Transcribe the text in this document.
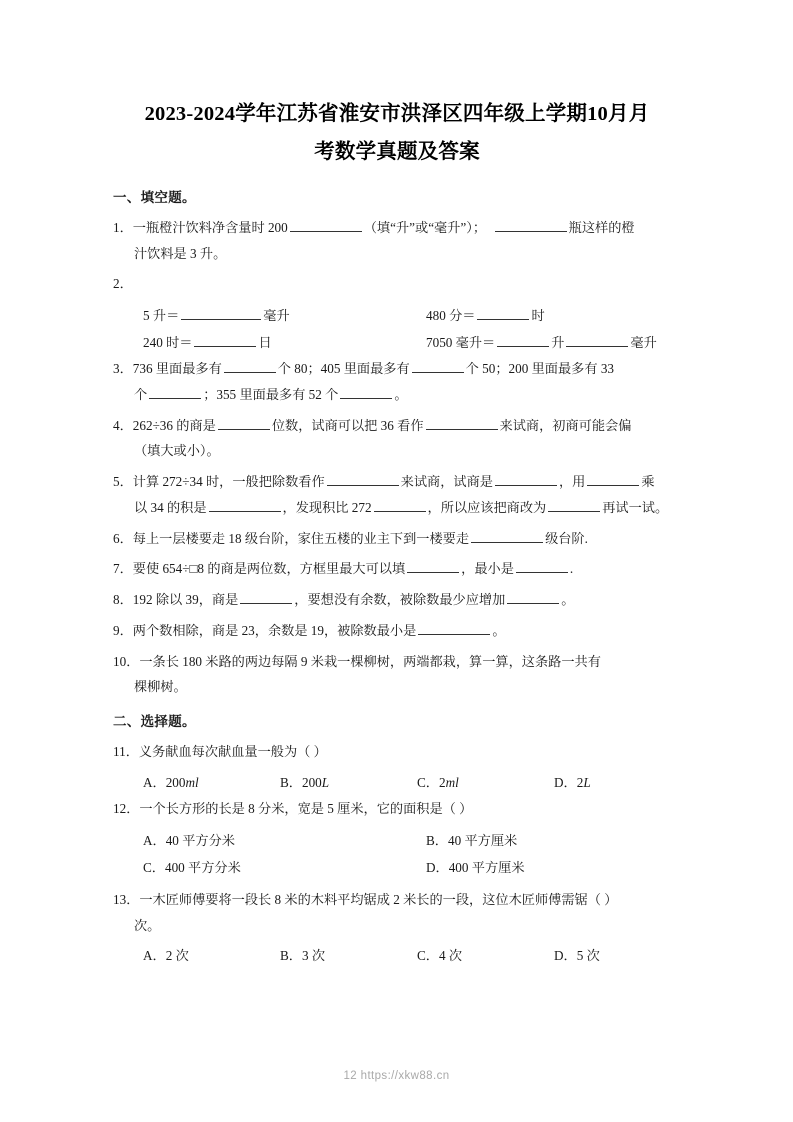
2023-2024学年江苏省淮安市洪泽区四年级上学期10月月
考数学真题及答案
一、填空题。
1．一瓶橙汁饮料净含量时 200	（填“升”或“毫升”）；	瓶这样的橙
汁饮料是 3 升。
2．
5 升＝	毫升	480 分＝	时
240 时＝	日	7050 毫升＝	升	毫升
3．736 里面最多有	个 80；405 里面最多有	个 50；200 里面最多有 33
个	；355 里面最多有 52 个	。
4．262÷36 的商是	位数，试商可以把 36 看作	来试商，初商可能会偏
（填大或小）。
5．计算 272÷34 时，一般把除数看作	来试商，试商是	，用	乘
以 34 的积是	，发现积比 272	，所以应该把商改为	再试一试。
6．每上一层楼要走 18 级台阶，家住五楼的业主下到一楼要走	级台阶.
7．要使 654÷□8 的商是两位数，方框里最大可以填	，最小是	.
8．192 除以 39，商是	，要想没有余数，被除数最少应增加	。
9．两个数相除，商是 23，余数是 19，被除数最小是	。
10．一条长 180 米路的两边每隔 9 米栽一棵柳树，两端都栽，算一算，这条路一共有
棵柳树。
二、选择题。
11．义务献血每次献血量一般为（ ）
A．200ml	B．200L	C．2ml	D．2L
12．一个长方形的长是 8 分米，宽是 5 厘米，它的面积是（ ）
A．40 平方分米	B．40 平方厘米
C．400 平方分米	D．400 平方厘米
13．一木匠师傅要将一段长 8 米的木料平均锯成 2 米长的一段，这位木匠师傅需锯（ ）
次。
A．2 次	B．3 次	C．4 次	D．5 次
12 https://xkw88.cn
